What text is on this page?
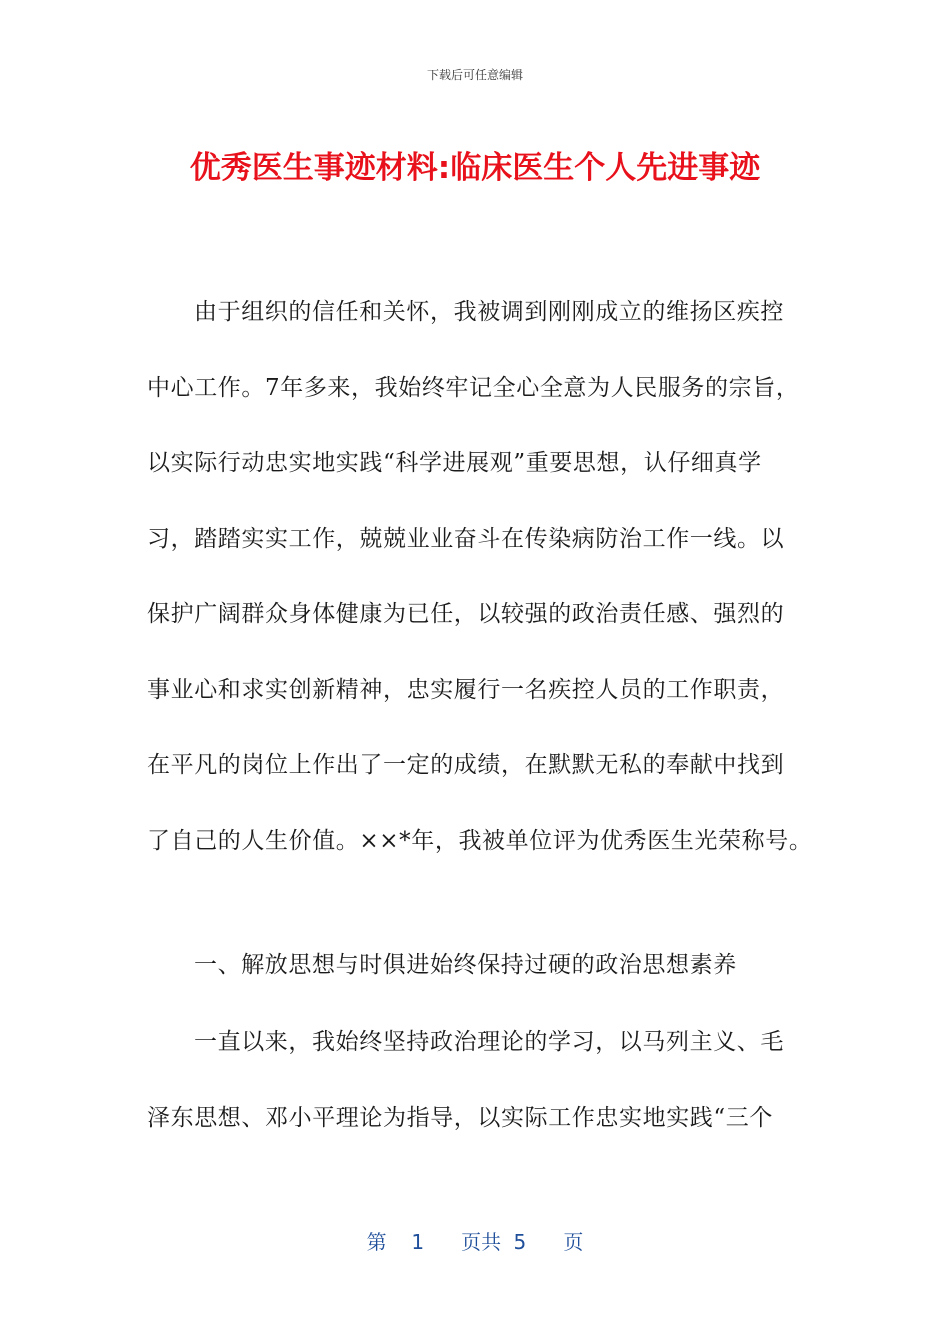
下载后可任意编辑
优秀医生事迹材料:临床医生个人先进事迹
由于组织的信任和关怀，我被调到刚刚成立的维扬区疾控
中心工作。7年多来，我始终牢记全心全意为人民服务的宗旨，
以实际行动忠实地实践“科学进展观”重要思想，认仔细真学
习，踏踏实实工作，兢兢业业奋斗在传染病防治工作一线。以
保护广阔群众身体健康为已任，以较强的政治责任感、强烈的
事业心和求实创新精神，忠实履行一名疾控人员的工作职责，
在平凡的岗位上作出了一定的成绩，在默默无私的奉献中找到
了自己的人生价值。××*年，我被单位评为优秀医生光荣称号。
一、解放思想与时俱进始终保持过硬的政治思想素养
一直以来，我始终坚持政治理论的学习，以马列主义、毛
泽东思想、邓小平理论为指导，以实际工作忠实地实践“三个
第  1   页共 5   页
